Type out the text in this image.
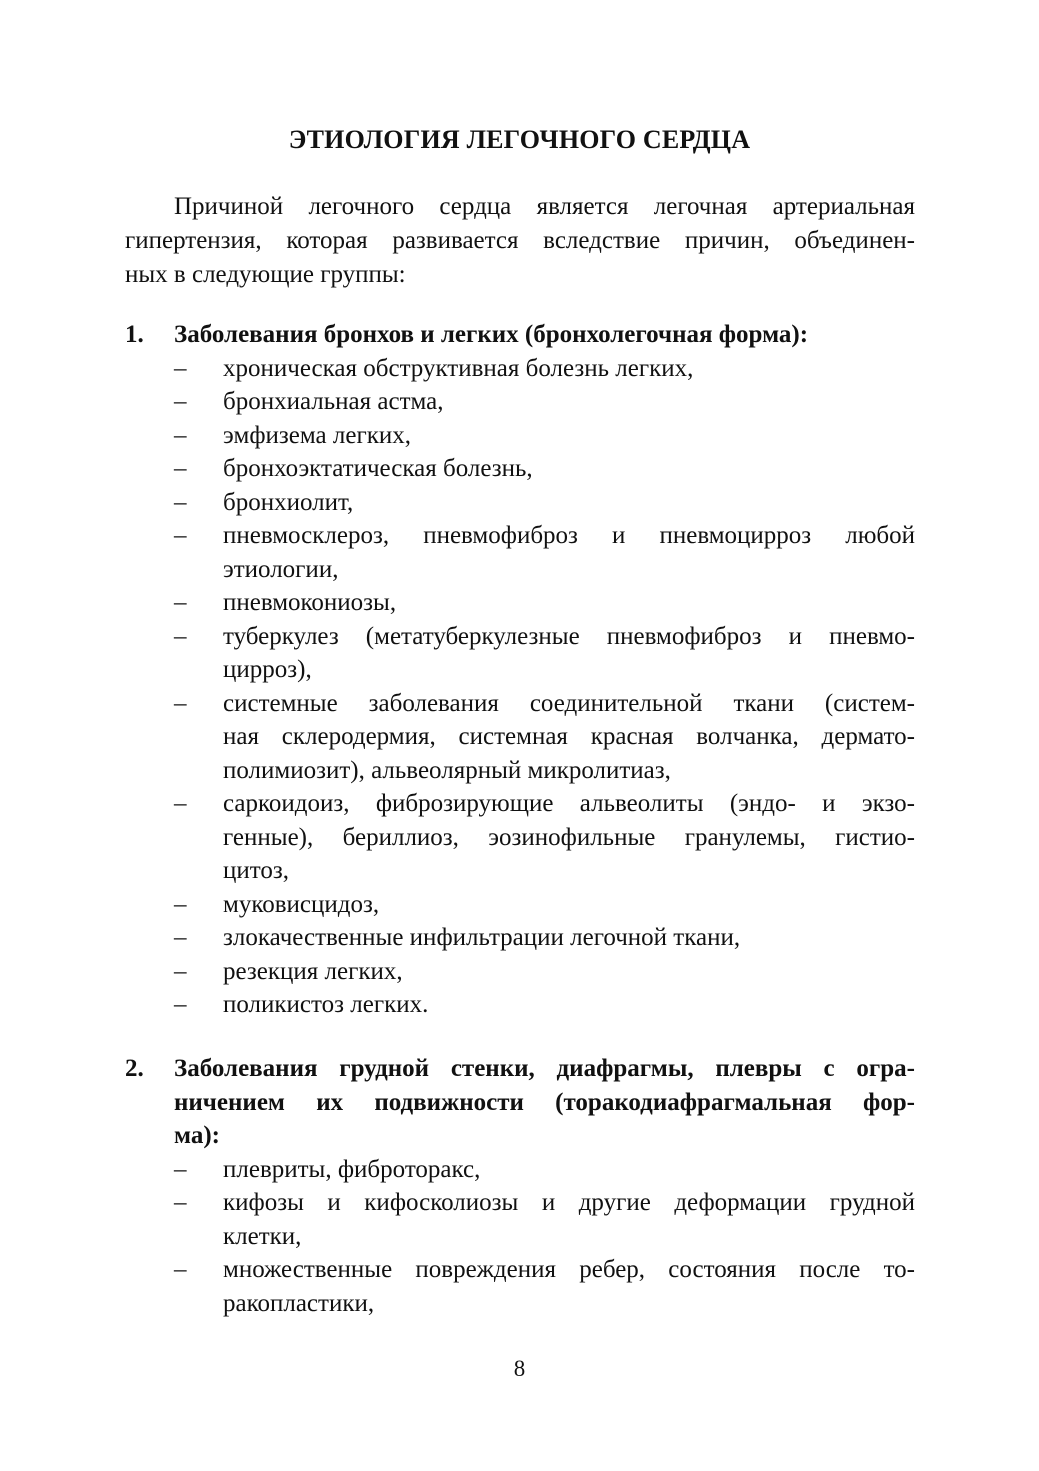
ЭТИОЛОГИЯ ЛЕГОЧНОГО СЕРДЦА
Причиной легочного сердца является легочная артериальная
гипертензия, которая развивается вследствие причин, объединен-
ных в следующие группы:
1. Заболевания бронхов и легких (бронхолегочная форма):
– хроническая обструктивная болезнь легких,
– бронхиальная астма,
– эмфизема легких,
– бронхоэктатическая болезнь,
– бронхиолит,
– пневмосклероз, пневмофиброз и пневмоцирроз любой
этиологии,
– пневмокониозы,
– туберкулез (метатуберкулезные пневмофиброз и пневмо-
цирроз),
– системные заболевания соединительной ткани (систем-
ная склеродермия, системная красная волчанка, дермато-
полимиозит), альвеолярный микролитиаз,
– саркоидоиз, фиброзирующие альвеолиты (эндо- и экзо-
генные), бериллиоз, эозинофильные гранулемы, гистио-
цитоз,
– муковисцидоз,
– злокачественные инфильтрации легочной ткани,
– резекция легких,
– поликистоз легких.
2. Заболевания грудной стенки, диафрагмы, плевры с огра-
ничением их подвижности (торакодиафрагмальная фор-
ма):
– плевриты, фиброторакс,
– кифозы и кифосколиозы и другие деформации грудной
клетки,
– множественные повреждения ребер, состояния после то-
ракопластики,
8
